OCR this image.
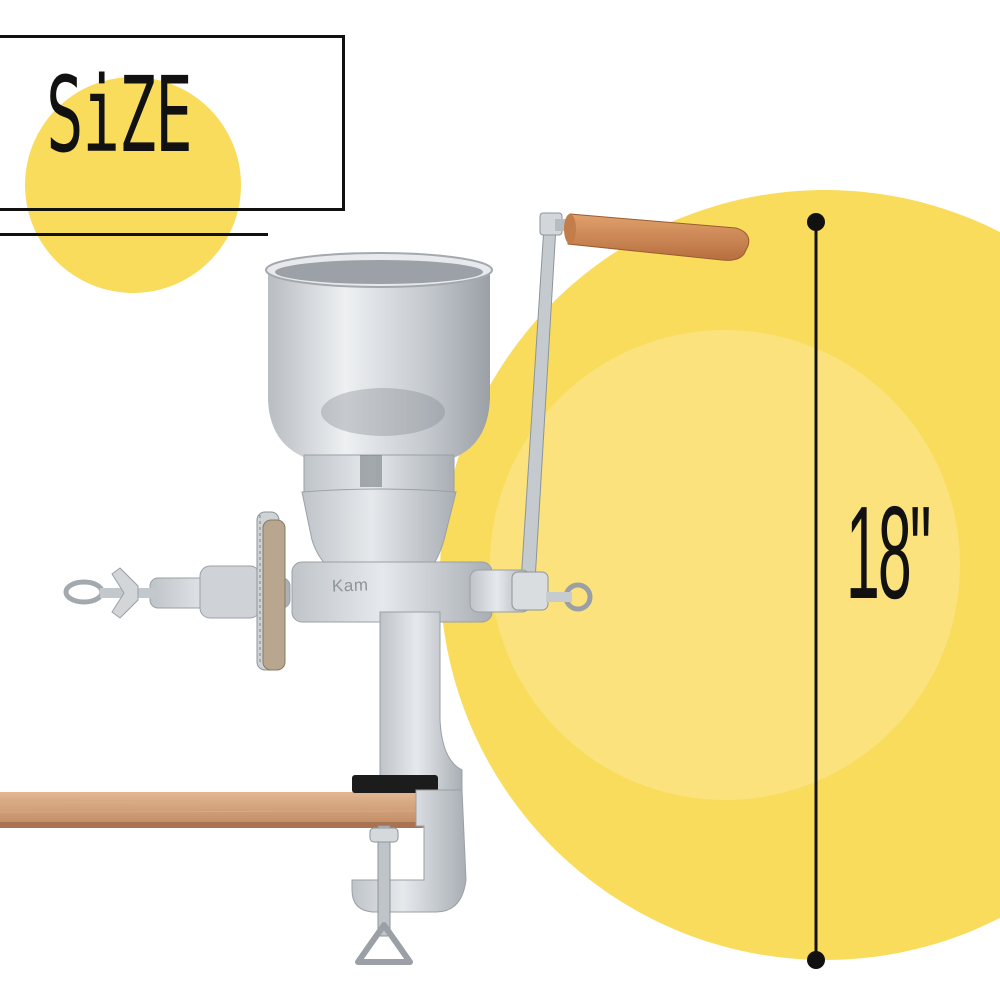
SiZE
18"
Kam
